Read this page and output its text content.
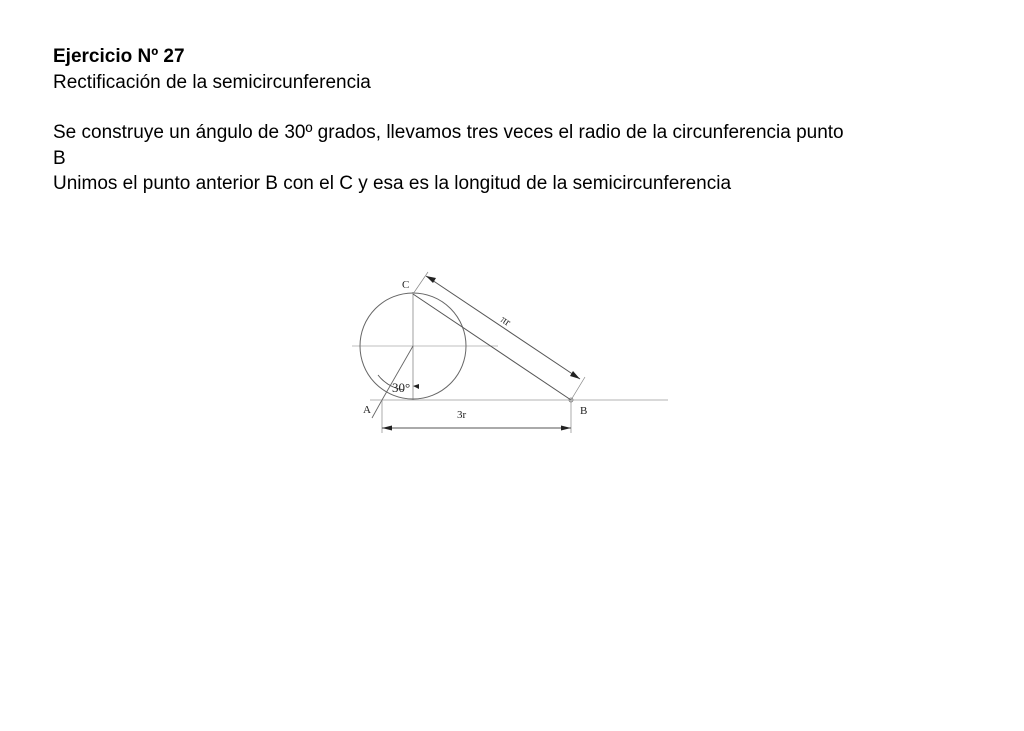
Ejercicio Nº 27
Rectificación de la semicircunferencia
Se construye un ángulo de 30º grados, llevamos tres veces el radio de la circunferencia punto
B
Unimos el punto anterior B con el C y esa es la longitud de la semicircunferencia
C
A	B
πr
30°
3r
